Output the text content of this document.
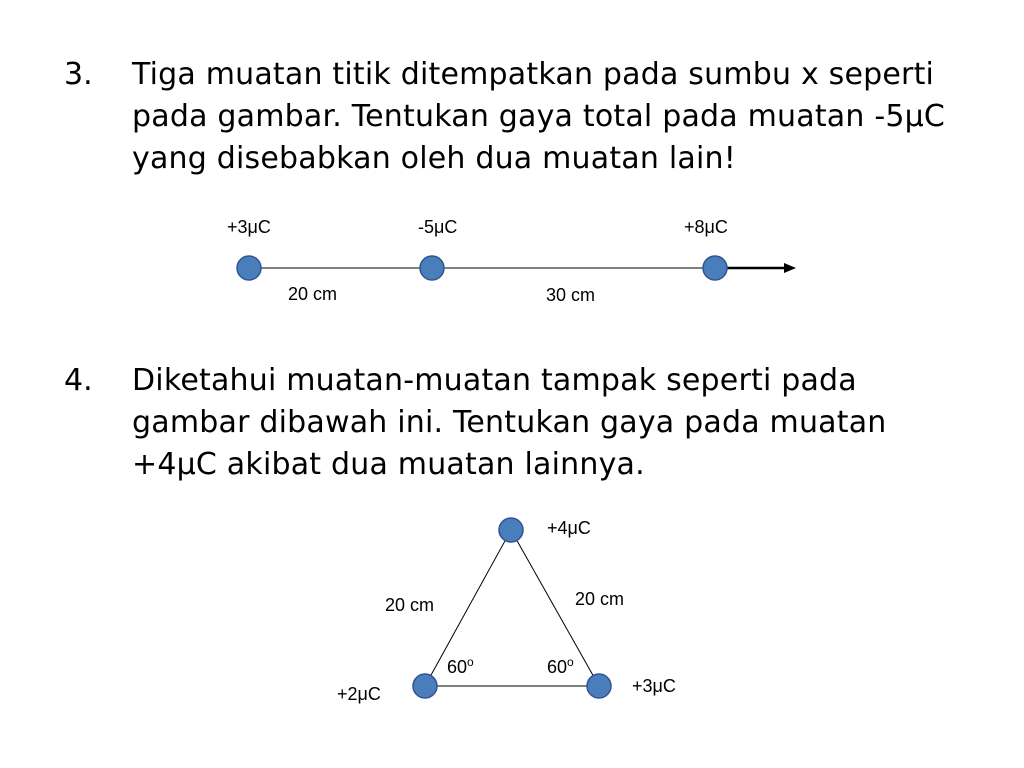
3. Tiga muatan titik ditempatkan pada sumbu x seperti pada gambar. Tentukan gaya total pada muatan -5μC yang disebabkan oleh dua muatan lain!
+3μC	-5μC	+8μC
20 cm	30 cm
4. Diketahui muatan-muatan tampak seperti pada gambar dibawah ini. Tentukan gaya pada muatan +4μC akibat dua muatan lainnya.
+4μC
+2μC	+3μC
20 cm	20 cm
60$^o$	60$^o$
